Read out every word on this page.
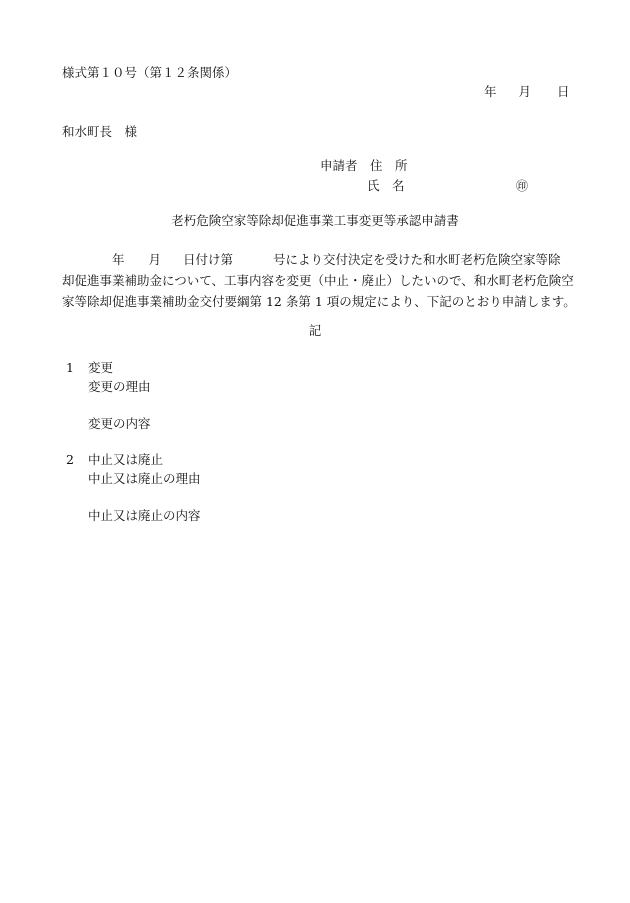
様式第１０号（第１２条関係）
年 月 日
和水町長　様
申請者　住　所
氏　名	㊞
老朽危険空家等除却促進事業工事変更等承認申請書
年 月 日付け第	号により交付決定を受けた和水町老朽危険空家等除
却促進事業補助金について、工事内容を変更（中止・廃止）したいので、和水町老朽危険空
家等除却促進事業補助金交付要綱第 12 条第 1 項の規定により、下記のとおり申請します。
記
1 変更
変更の理由
変更の内容
2 中止又は廃止
中止又は廃止の理由
中止又は廃止の内容
